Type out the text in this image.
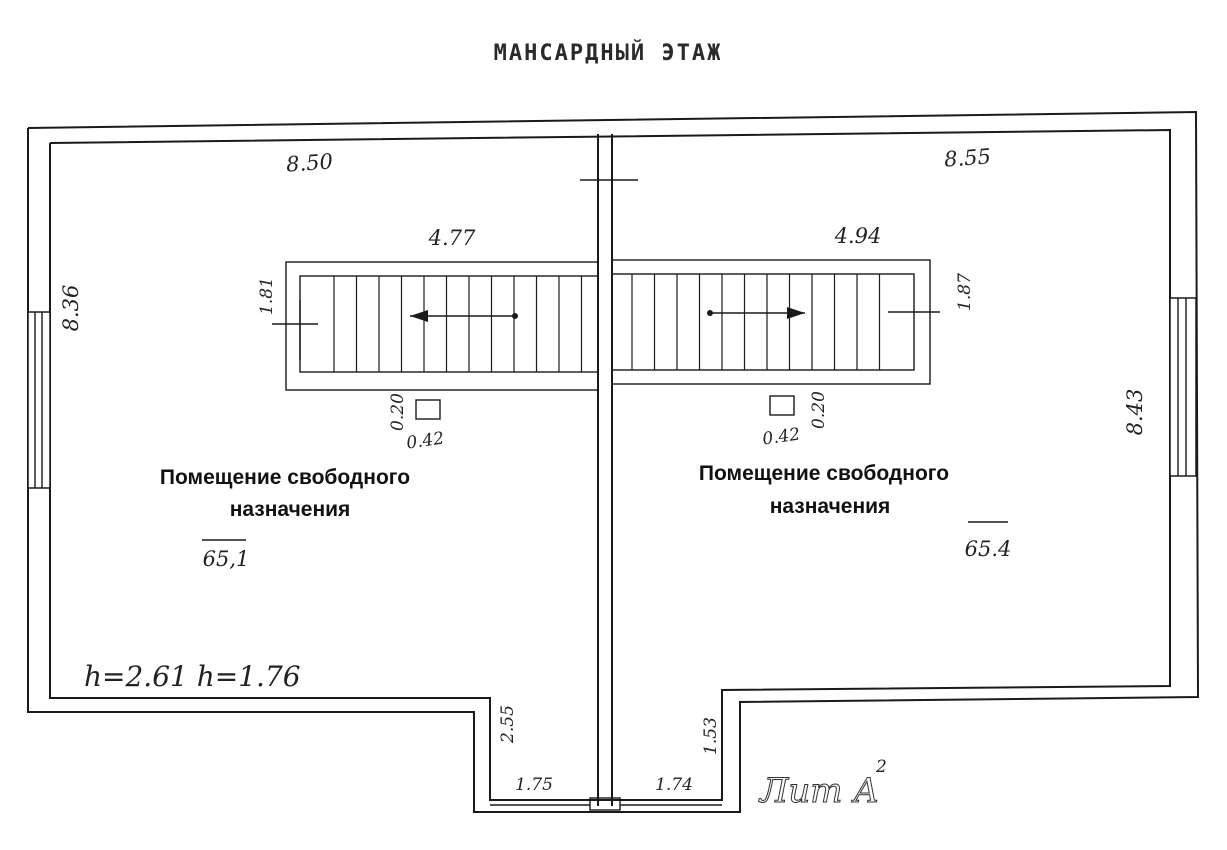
МАНСАРДНЫЙ ЭТАЖ
8.50
4.77
1.81
8.36
0.20
0.42
8.55
4.94
1.87
8.43
0.20
0.42
Помещение свободного
назначения
Помещение свободного
назначения
65,1	65.4
h=2.61 h=1.76
2.55
1.75
1.53
1.74 Лит А
2
